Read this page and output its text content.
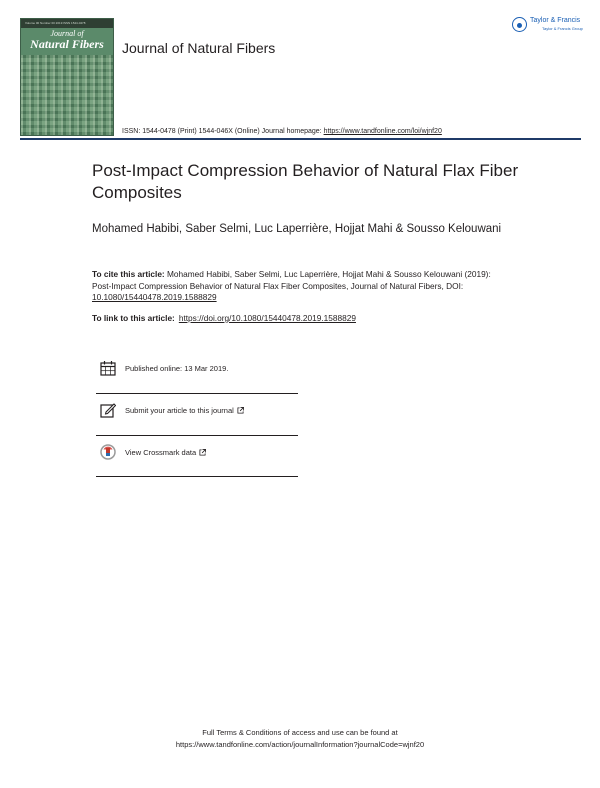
Volume 00 Number 00 2019 ISSN 1544-0478
Journal of
Natural Fibers	Journal of Natural Fibers
ISSN: 1544-0478 (Print) 1544-046X (Online) Journal homepage: https://www.tandfonline.com/loi/wjnf20
Taylor & Francis
Taylor & Francis Group
Post-Impact Compression Behavior of Natural Flax Fiber Composites
Mohamed Habibi, Saber Selmi, Luc Laperrière, Hojjat Mahi & Sousso Kelouwani
To cite this article: Mohamed Habibi, Saber Selmi, Luc Laperrière, Hojjat Mahi & Sousso Kelouwani (2019): Post-Impact Compression Behavior of Natural Flax Fiber Composites, Journal of Natural Fibers, DOI: 10.1080/15440478.2019.1588829
To link to this article: https://doi.org/10.1080/15440478.2019.1588829
Published online: 13 Mar 2019.
Submit your article to this journal
View Crossmark data
Full Terms & Conditions of access and use can be found at
https://www.tandfonline.com/action/journalInformation?journalCode=wjnf20
